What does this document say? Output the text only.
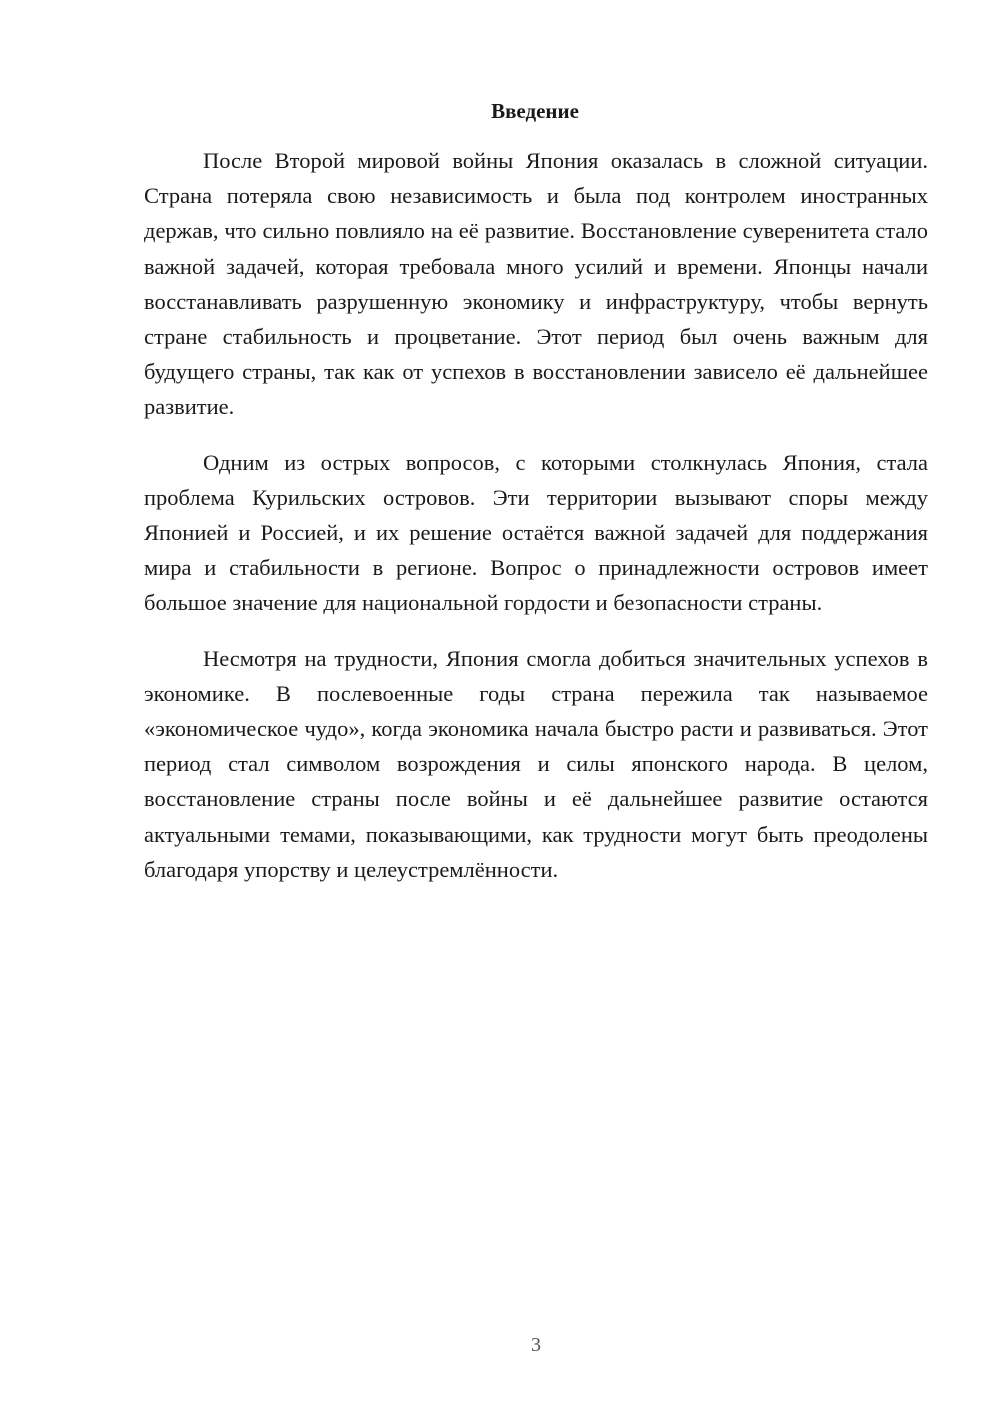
Введение

После Второй мировой войны Япония оказалась в сложной ситуации. Страна потеряла свою независимость и была под контролем иностранных держав, что сильно повлияло на её развитие. Восстановление суверенитета стало важной задачей, которая требовала много усилий и времени. Японцы начали восстанавливать разрушенную экономику и инфраструктуру, чтобы вернуть стране стабильность и процветание. Этот период был очень важным для будущего страны, так как от успехов в восстановлении зависело её дальнейшее развитие.

Одним из острых вопросов, с которыми столкнулась Япония, стала проблема Курильских островов. Эти территории вызывают споры между Японией и Россией, и их решение остаётся важной задачей для поддержания мира и стабильности в регионе. Вопрос о принадлежности островов имеет большое значение для национальной гордости и безопасности страны.

Несмотря на трудности, Япония смогла добиться значительных успехов в экономике. В послевоенные годы страна пережила так называемое «экономическое чудо», когда экономика начала быстро расти и развиваться. Этот период стал символом возрождения и силы японского народа. В целом, восстановление страны после войны и её дальнейшее развитие остаются актуальными темами, показывающими, как трудности могут быть преодолены благодаря упорству и целеустремлённости.

3
